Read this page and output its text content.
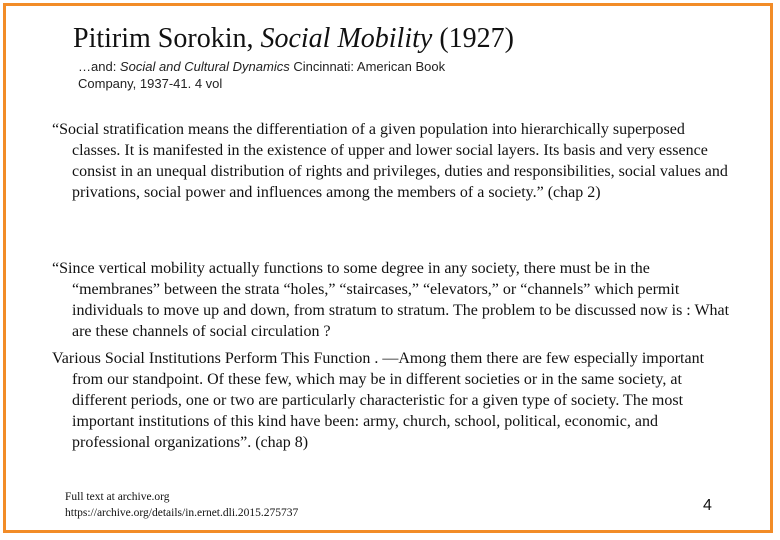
Pitirim Sorokin, Social Mobility (1927)
…and: Social and Cultural Dynamics Cincinnati: American Book Company, 1937-41. 4 vol
“Social stratification means the differentiation of a given population into hierarchically superposed classes. It is manifested in the existence of upper and lower social layers. Its basis and very essence consist in an unequal distribution of rights and privileges, duties and responsibilities, social values and privations, social power and influences among the members of a society.” (chap 2)
“Since vertical mobility actually functions to some degree in any society, there must be in the “membranes” between the strata “holes,” “staircases,” “elevators,” or “channels” which permit individuals to move up and down, from stratum to stratum. The problem to be discussed now is : What are these channels of social circulation ?
Various Social Institutions Perform This Function . —Among them there are few especially important from our standpoint. Of these few, which may be in different societies or in the same society, at different periods, one or two are particularly characteristic for a given type of society. The most important institutions of this kind have been: army, church, school, political, economic, and professional organizations”. (chap 8)
Full text at archive.org
https://archive.org/details/in.ernet.dli.2015.275737	4
